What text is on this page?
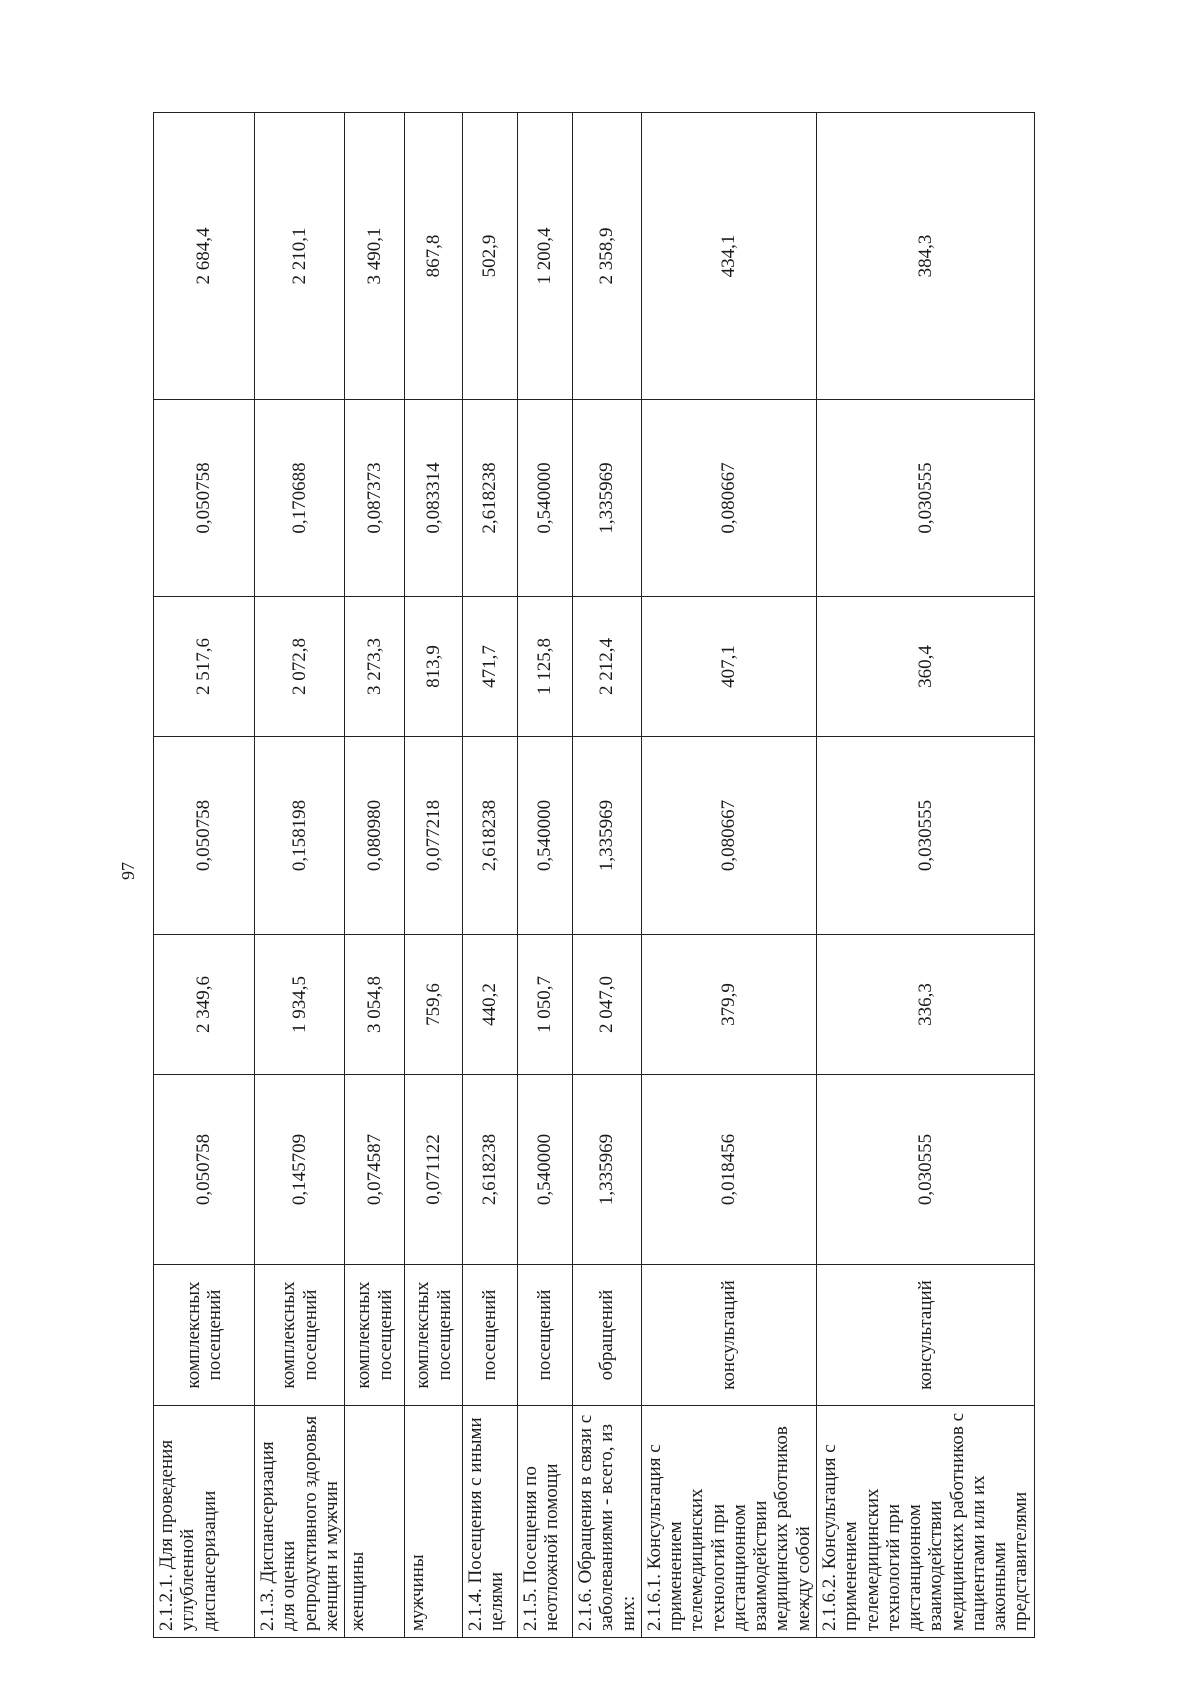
97
2.1.2.1. Для проведения углубленной диспансеризации	комплексных посещений	0,050758	2 349,6	0,050758	2 517,6	0,050758	2 684,4
2.1.3. Диспансеризация для оценки репродуктивного здоровья женщин и мужчин	комплексных посещений	0,145709	1 934,5	0,158198	2 072,8	0,170688	2 210,1
женщины	комплексных посещений	0,074587	3 054,8	0,080980	3 273,3	0,087373	3 490,1
мужчины	комплексных посещений	0,071122	759,6	0,077218	813,9	0,083314	867,8
2.1.4. Посещения с иными целями	посещений	2,618238	440,2	2,618238	471,7	2,618238	502,9
2.1.5. Посещения по неотложной помощи	посещений	0,540000	1 050,7	0,540000	1 125,8	0,540000	1 200,4
2.1.6. Обращения в связи с заболеваниями - всего, из них:	обращений	1,335969	2 047,0	1,335969	2 212,4	1,335969	2 358,9
2.1.6.1. Консультация с применением телемедицинских технологий при дистанционном взаимодействии медицинских работников между собой	консультаций	0,018456	379,9	0,080667	407,1	0,080667	434,1
2.1.6.2. Консультация с применением телемедицинских технологий при дистанционном взаимодействии медицинских работников с пациентами или их законными представителями	консультаций	0,030555	336,3	0,030555	360,4	0,030555	384,3
